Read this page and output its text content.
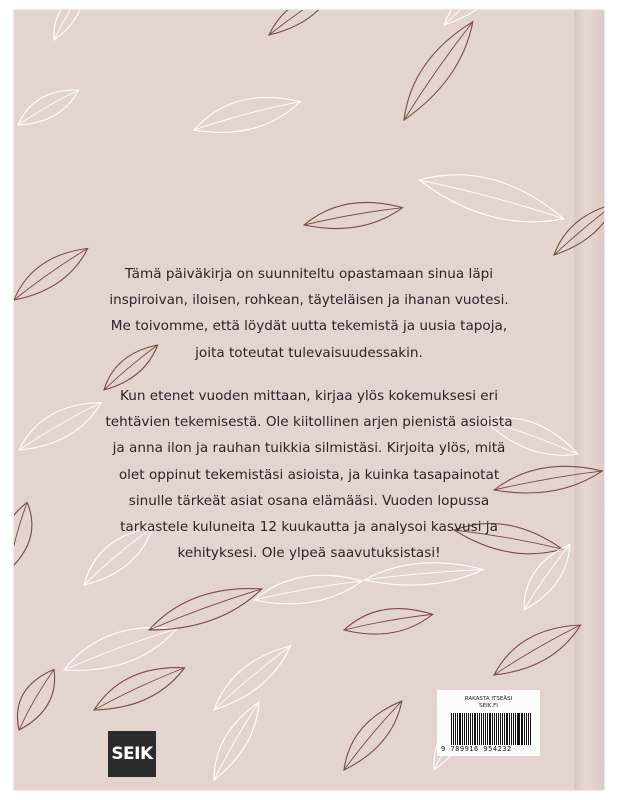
Tämä päiväkirja on suunniteltu opastamaan sinua läpi
inspiroivan, iloisen, rohkean, täyteläisen ja ihanan vuotesi.
Me toivomme, että löydät uutta tekemistä ja uusia tapoja,
joita toteutat tulevaisuudessakin.
Kun etenet vuoden mittaan, kirjaa ylös kokemuksesi eri
tehtävien tekemisestä. Ole kiitollinen arjen pienistä asioista
ja anna ilon ja rauhan tuikkia silmistäsi. Kirjoita ylös, mitä
olet oppinut tekemistäsi asioista, ja kuinka tasapainotat
sinulle tärkeät asiat osana elämääsi. Vuoden lopussa
tarkastele kuluneita 12 kuukautta ja analysoi kasvusi ja
kehityksesi. Ole ylpeä saavutuksistasi!
RAKASTA ITSEÄSI
SEIK.FI
9 789916 954232
SEIK
